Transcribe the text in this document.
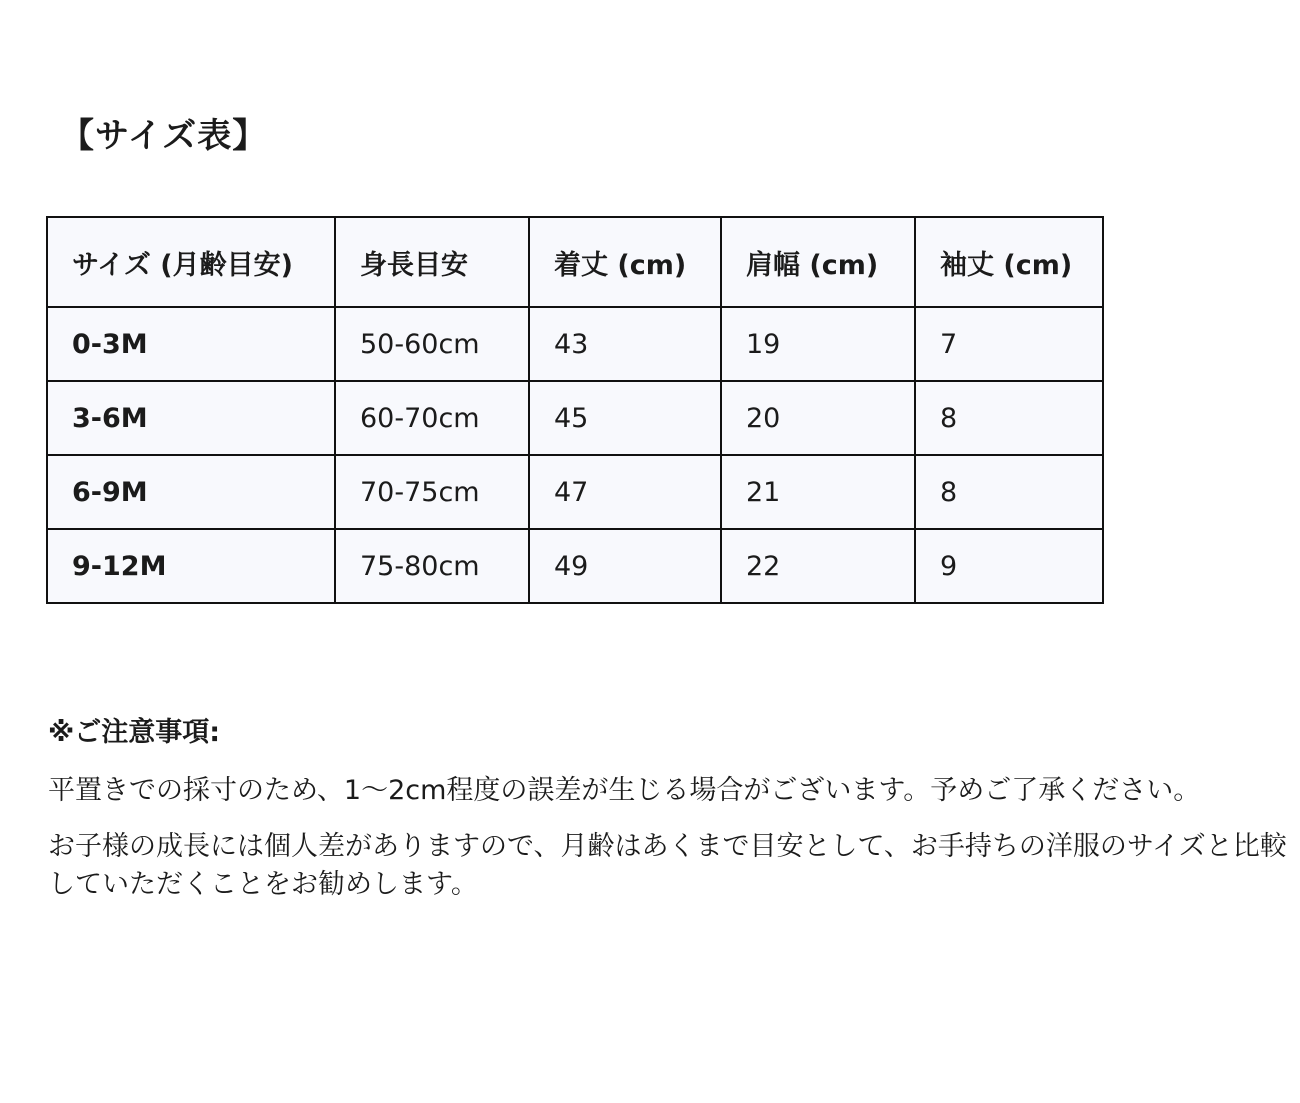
【サイズ表】
サイズ (月齢目安)	身長目安	着丈 (cm)	肩幅 (cm)	袖丈 (cm)
0-3M	50-60cm	43	19	7
3-6M	60-70cm	45	20	8
6-9M	70-75cm	47	21	8
9-12M	75-80cm	49	22	9
※ご注意事項:

平置きでの採寸のため、1〜2cm程度の誤差が生じる場合がございます。予めご了承ください。

お子様の成長には個人差がありますので、月齢はあくまで目安として、お手持ちの洋服のサイズと比較していただくことをお勧めします。
